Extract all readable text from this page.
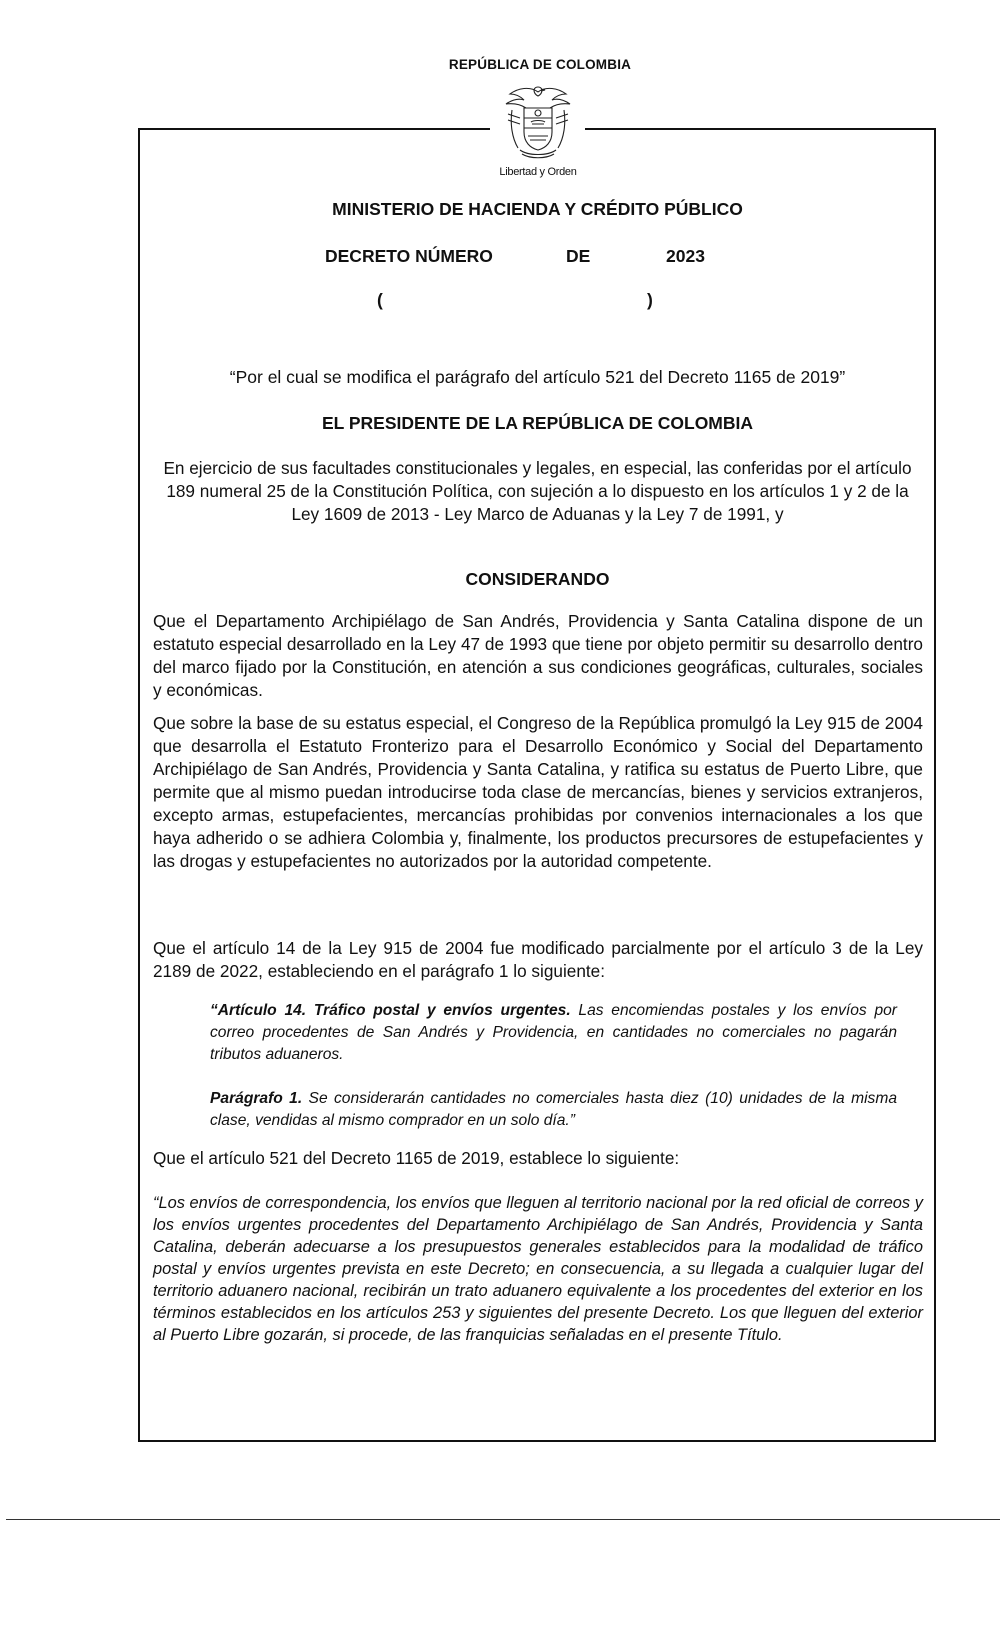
REPÚBLICA DE COLOMBIA
Libertad y Orden
MINISTERIO DE HACIENDA Y CRÉDITO PÚBLICO
DECRETO NÚMERO	DE	2023
(	)
“Por el cual se modifica el parágrafo del artículo 521 del Decreto 1165 de 2019”
EL PRESIDENTE DE LA REPÚBLICA DE COLOMBIA
En ejercicio de sus facultades constitucionales y legales, en especial, las conferidas por el artículo 189 numeral 25 de la Constitución Política, con sujeción a lo dispuesto en los artículos 1 y 2 de la Ley 1609 de 2013 - Ley Marco de Aduanas y la Ley 7 de 1991, y
CONSIDERANDO

Que el Departamento Archipiélago de San Andrés, Providencia y Santa Catalina dispone de un estatuto especial desarrollado en la Ley 47 de 1993 que tiene por objeto permitir su desarrollo dentro del marco fijado por la Constitución, en atención a sus condiciones geográficas, culturales, sociales y económicas.

Que sobre la base de su estatus especial, el Congreso de la República promulgó la Ley 915 de 2004 que desarrolla el Estatuto Fronterizo para el Desarrollo Económico y Social del Departamento Archipiélago de San Andrés, Providencia y Santa Catalina, y ratifica su estatus de Puerto Libre, que permite que al mismo puedan introducirse toda clase de mercancías, bienes y servicios extranjeros, excepto armas, estupefacientes, mercancías prohibidas por convenios internacionales a los que haya adherido o se adhiera Colombia y, finalmente, los productos precursores de estupefacientes y las drogas y estupefacientes no autorizados por la autoridad competente.

Que el artículo 14 de la Ley 915 de 2004 fue modificado parcialmente por el artículo 3 de la Ley 2189 de 2022, estableciendo en el parágrafo 1 lo siguiente:

“Artículo 14. Tráfico postal y envíos urgentes. Las encomiendas postales y los envíos por correo procedentes de San Andrés y Providencia, en cantidades no comerciales no pagarán tributos aduaneros.

Parágrafo 1. Se considerarán cantidades no comerciales hasta diez (10) unidades de la misma clase, vendidas al mismo comprador en un solo día.”

Que el artículo 521 del Decreto 1165 de 2019, establece lo siguiente:

“Los envíos de correspondencia, los envíos que lleguen al territorio nacional por la red oficial de correos y los envíos urgentes procedentes del Departamento Archipiélago de San Andrés, Providencia y Santa Catalina, deberán adecuarse a los presupuestos generales establecidos para la modalidad de tráfico postal y envíos urgentes prevista en este Decreto; en consecuencia, a su llegada a cualquier lugar del territorio aduanero nacional, recibirán un trato aduanero equivalente a los procedentes del exterior en los términos establecidos en los artículos 253 y siguientes del presente Decreto. Los que lleguen del exterior al Puerto Libre gozarán, si procede, de las franquicias señaladas en el presente Título.
